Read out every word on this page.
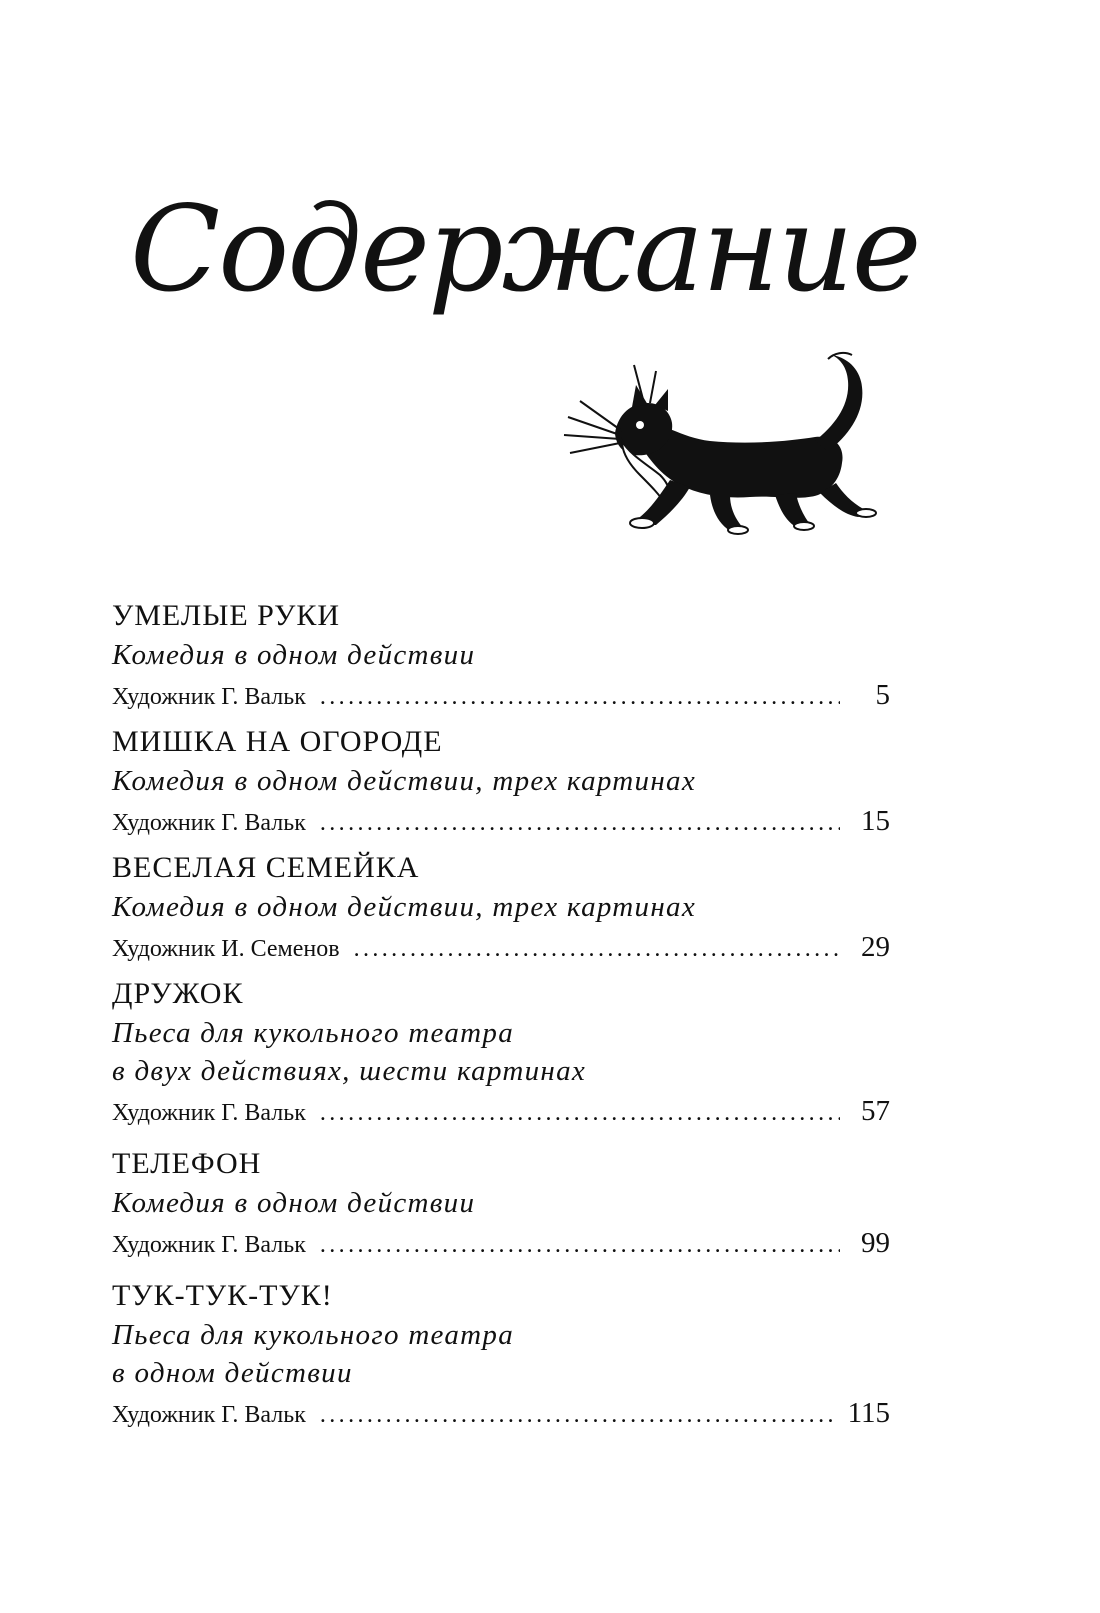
Содержание
УМЕЛЫЕ РУКИ
Комедия в одном действии
Художник Г. Вальк .....	5
МИШКА НА ОГОРОДЕ
Комедия в одном действии, трех картинах
Художник Г. Вальк .....	15
ВЕСЕЛАЯ СЕМЕЙКА
Комедия в одном действии, трех картинах
Художник И. Семенов .....	29
ДРУЖОК
Пьеса для кукольного театра
в двух действиях, шести картинах
Художник Г. Вальк .....	57
ТЕЛЕФОН
Комедия в одном действии
Художник Г. Вальк .....	99
ТУК-ТУК-ТУК!
Пьеса для кукольного театра
в одном действии
Художник Г. Вальк .....	115
